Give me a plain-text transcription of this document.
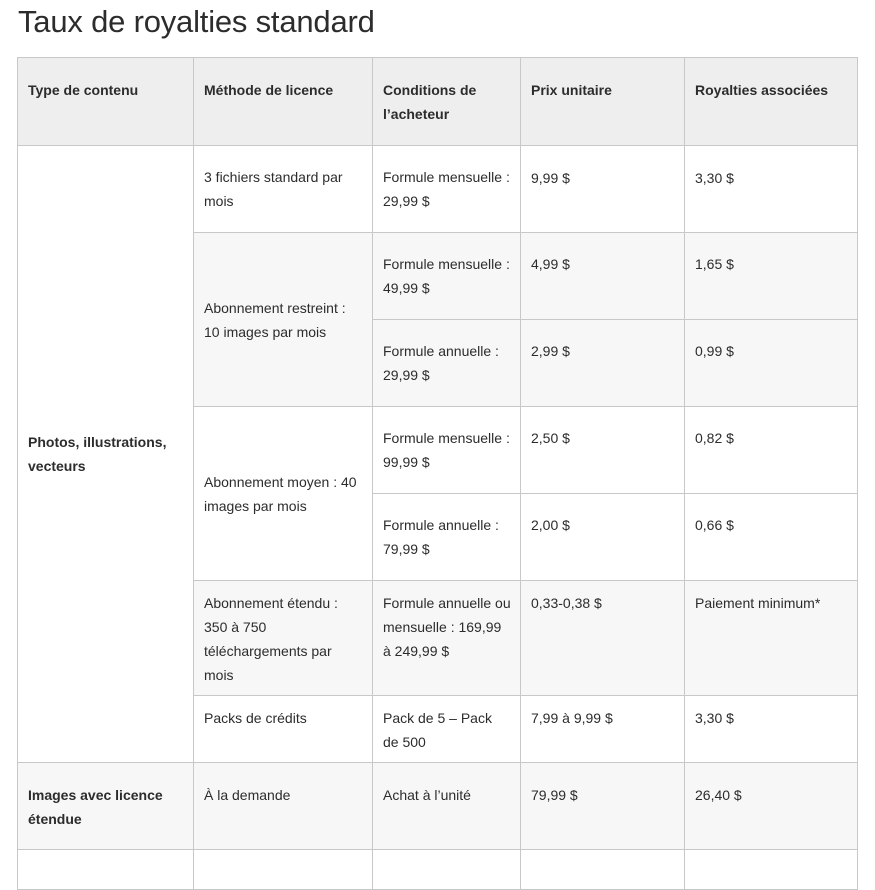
Taux de royalties standard
Type de contenu	Méthode de licence	Conditions de l’acheteur	Prix unitaire	Royalties associées
Photos, illustrations, vecteurs	3 fichiers standard par mois	Formule mensuelle : 29,99 $	9,99 $	3,30 $
	Abonnement restreint : 10 images par mois	Formule mensuelle : 49,99 $	4,99 $	1,65 $
		Formule annuelle : 29,99 $	2,99 $	0,99 $
	Abonnement moyen : 40 images par mois	Formule mensuelle : 99,99 $	2,50 $	0,82 $
		Formule annuelle : 79,99 $	2,00 $	0,66 $
	Abonnement étendu : 350 à 750 téléchargements par mois	Formule annuelle ou mensuelle : 169,99 à 249,99 $	0,33-0,38 $	Paiement minimum*
	Packs de crédits	Pack de 5 – Pack de 500	7,99 à 9,99 $	3,30 $

Images avec licence étendue	À la demande	Achat à l’unité	79,99 $	26,40 $
